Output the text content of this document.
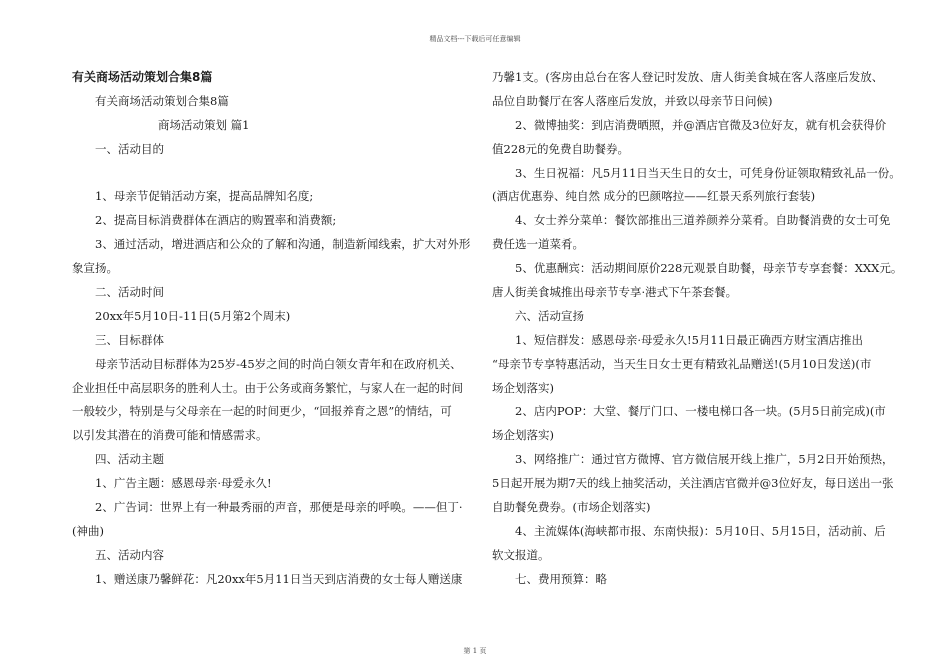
精品文档---下载后可任意编辑
有关商场活动策划合集8篇
有关商场活动策划合集8篇
商场活动策划 篇1
一、活动目的
1、母亲节促销活动方案，提高品牌知名度;
2、提高目标消费群体在酒店的购置率和消费额;
3、通过活动，增进酒店和公众的了解和沟通，制造新闻线索，扩大对外形
象宣扬。
二、活动时间
20xx年5月10日-11日(5月第2个周末)
三、目标群体
母亲节活动目标群体为25岁-45岁之间的时尚白领女青年和在政府机关、
企业担任中高层职务的胜利人士。由于公务或商务繁忙，与家人在一起的时间
一般较少，特别是与父母亲在一起的时间更少，“回报养育之恩”的情结，可
以引发其潜在的消费可能和情感需求。
四、活动主题
1、广告主题：感恩母亲·母爱永久!
2、广告词：世界上有一种最秀丽的声音，那便是母亲的呼唤。——但丁·
(神曲)
五、活动内容
1、赠送康乃馨鲜花：凡20xx年5月11日当天到店消费的女士每人赠送康
乃馨1支。(客房由总台在客人登记时发放、唐人街美食城在客人落座后发放、
品位自助餐厅在客人落座后发放，并致以母亲节日问候)
2、微博抽奖：到店消费晒照，并@酒店官微及3位好友，就有机会获得价
值228元的免费自助餐券。
3、生日祝福：凡5月11日当天生日的女士，可凭身份证领取精致礼品一份。
(酒店优惠券、纯自然 成分的巴颜喀拉——红景天系列旅行套装)
4、女士养分菜单：餐饮部推出三道养颜养分菜肴。自助餐消费的女士可免
费任选一道菜肴。
5、优惠酬宾：活动期间原价228元观景自助餐，母亲节专享套餐：XXX元。
唐人街美食城推出母亲节专享·港式下午茶套餐。
六、活动宣扬
1、短信群发：感恩母亲·母爱永久!5月11日最正确西方财宝酒店推出
“母亲节专享特惠活动，当天生日女士更有精致礼品赠送!(5月10日发送)(市
场企划落实)
2、店内POP：大堂、餐厅门口、一楼电梯口各一块。(5月5日前完成)(市
场企划落实)
3、网络推广：通过官方微博、官方微信展开线上推广，5月2日开始预热，
5日起开展为期7天的线上抽奖活动，关注酒店官微并@3位好友，每日送出一张
自助餐免费券。(市场企划落实)
4、主流媒体(海峡都市报、东南快报)：5月10日、5月15日，活动前、后
软文报道。
七、费用预算：略
第 1 页
